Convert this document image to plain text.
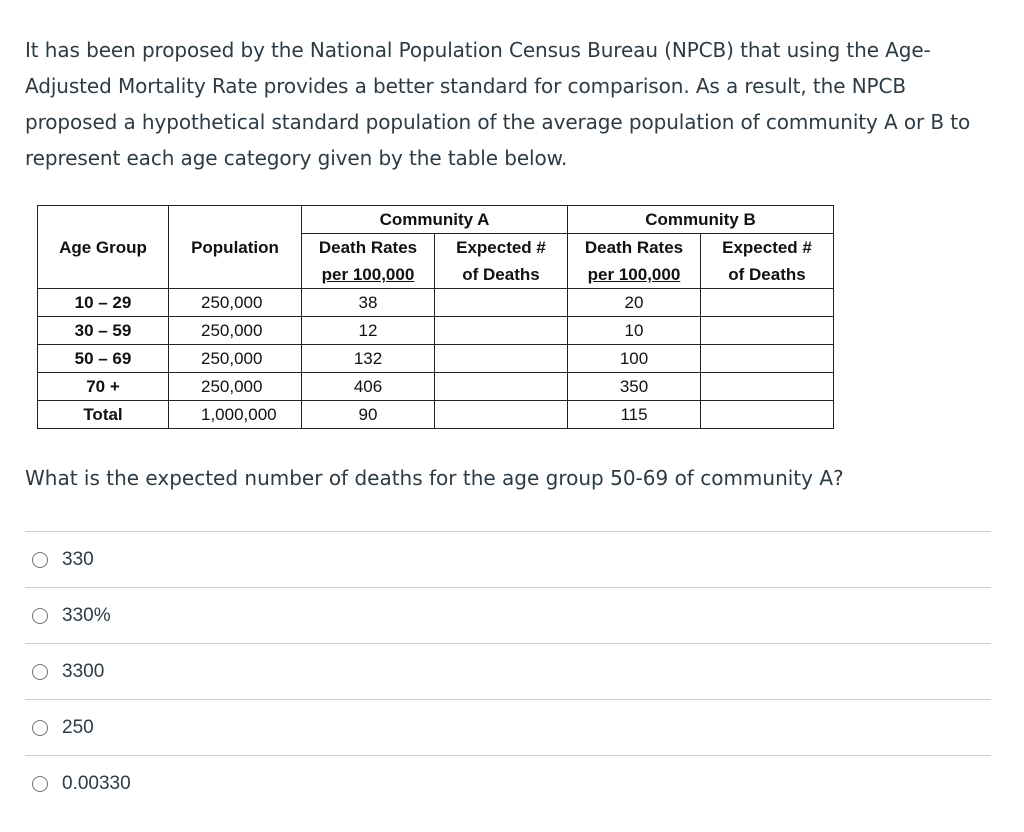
It has been proposed by the National Population Census Bureau (NPCB) that using the Age-Adjusted Mortality Rate provides a better standard for comparison. As a result, the NPCB proposed a hypothetical standard population of the average population of community A or B to represent each age category given by the table below.

		Community A		Community B	
Age Group	Population	Death Rates	Expected #	Death Rates	Expected #
		per 100,000	of Deaths	per 100,000	of Deaths
10 – 29	250,000	38		20	
30 – 59	250,000	12		10	
50 – 69	250,000	132		100	
70 +	250,000	406		350	
Total	1,000,000	90		115	

What is the expected number of deaths for the age group 50-69 of community A?

330
330%
3300
250
0.00330
